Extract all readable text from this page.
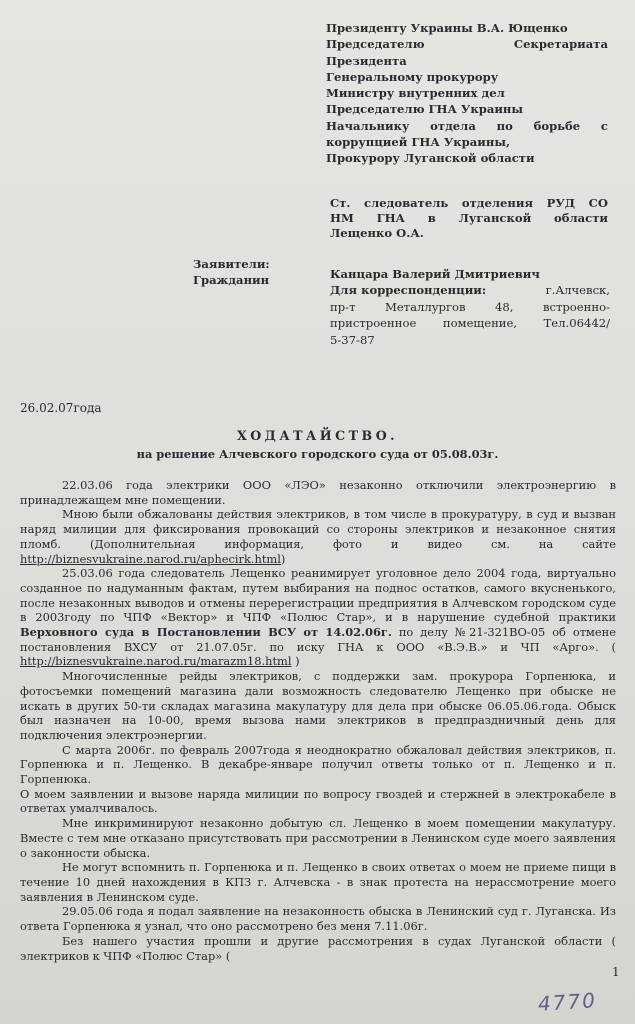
Президенту Украины В.А. Ющенко
Председателю	Секретариата
Президента
Генеральному прокурору
Министру внутренних дел
Председателю ГНА Украины
Начальнику отдела по борьбе с
коррупцией ГНА Украины,
Прокурору Луганской области
Ст. следователь отделения РУД СО
НМ ГНА в Луганской области
Лещенко О.А.
Заявители:
Гражданин	Канцара Валерий Дмитриевич
Для корреспонденции:	г.Алчевск,
пр-т Металлургов 48, встроенно-
пристроенное помещение, Тел.06442/
5-37-87
26.02.07года
ХОДАТАЙСТВО.
на решение Алчевского городского суда от 05.08.03г.

22.03.06 года электрики ООО «ЛЭО» незаконно отключили электроэнергию в принадлежащем мне помещении.

Мною были обжалованы действия электриков, в том числе в прокуратуру, в суд и вызван наряд милиции для фиксирования провокаций со стороны электриков и незаконное снятия пломб. (Дополнительная информация, фото и видео см. на сайте http://biznesvukraine.narod.ru/aphecirk.html)

25.03.06 года следователь Лещенко реанимирует уголовное дело 2004 года, виртуально созданное по надуманным фактам, путем выбирания на поднос остатков, самого вкусненького, после незаконных выводов и отмены перерегистрации предприятия в Алчевском городском суде в 2003году по ЧПФ «Вектор» и ЧПФ «Полюс Стар», и в нарушение судебной практики Верховного суда в Постановлении ВСУ от 14.02.06г. по делу №21-321ВО-05 об отмене постановления ВХСУ от 21.07.05г. по иску ГНА к ООО «В.Э.В.» и ЧП «Арго». ( http://biznesvukraine.narod.ru/marazm18.html )

Многочисленные рейды электриков, с поддержки зам. прокурора Горпенюка, и фотосъемки помещений магазина дали возможность следователю Лещенко при обыске не искать в других 50-ти складах магазина макулатуру для дела при обыске 06.05.06.года. Обыск был назначен на 10-00, время вызова нами электриков в предпраздничный день для подключения электроэнергии.

С марта 2006г. по февраль 2007года я неоднократно обжаловал действия электриков, п. Горпенюка и п. Лещенко. В декабре-январе получил ответы только от п. Лещенко и п. Горпенюка.

О моем заявлении и вызове наряда милиции по вопросу гвоздей и стержней в электрокабеле в ответах умалчивалось.

Мне инкриминируют незаконно добытую сл. Лещенко в моем помещении макулатуру. Вместе с тем мне отказано присутствовать при рассмотрении в Ленинском суде моего заявления о законности обыска.

Не могут вспомнить п. Горпенюка и п. Лещенко в своих ответах о моем не приеме пищи в течение 10 дней нахождения в КПЗ г. Алчевска - в знак протеста на нерассмотрение моего заявления в Ленинском суде.

29.05.06 года я подал заявление на незаконность обыска в Ленинский суд г. Луганска. Из ответа Горпенюка я узнал, что оно рассмотрено без меня 7.11.06г.

Без нашего участия прошли и другие рассмотрения в судах Луганской области ( электриков к ЧПФ «Полюс Стар» (

1
4770
